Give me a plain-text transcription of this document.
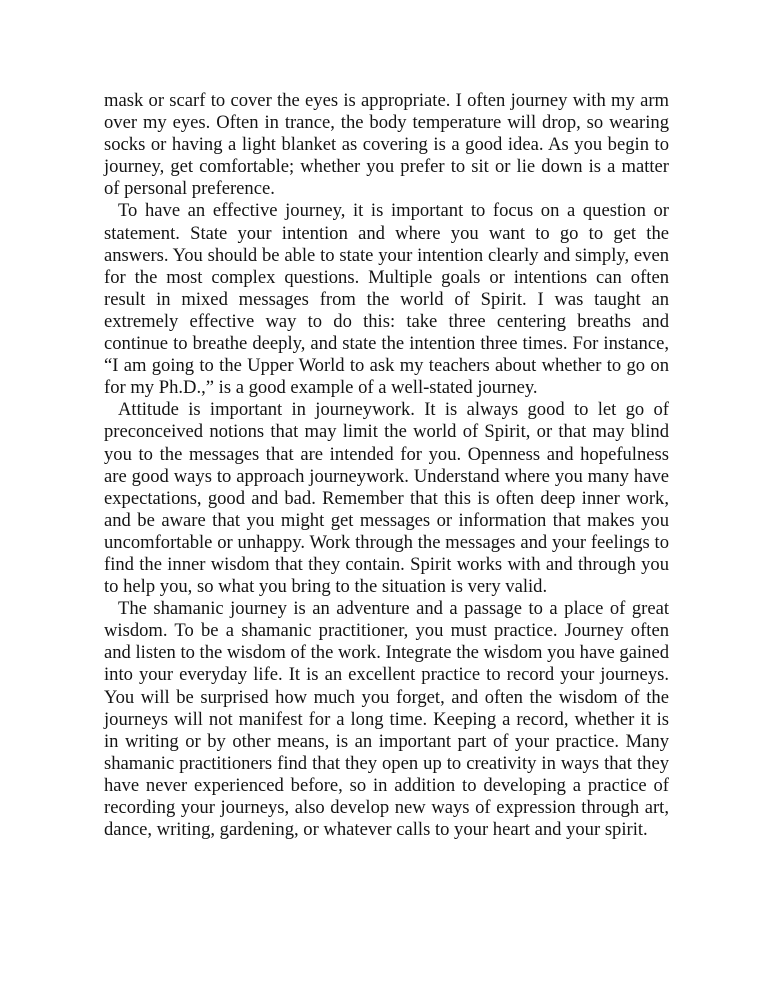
mask or scarf to cover the eyes is appropriate. I often journey with my arm over my eyes. Often in trance, the body temperature will drop, so wearing socks or having a light blanket as covering is a good idea. As you begin to journey, get comfortable; whether you prefer to sit or lie down is a matter of personal preference.

To have an effective journey, it is important to focus on a question or statement. State your intention and where you want to go to get the answers. You should be able to state your intention clearly and simply, even for the most complex questions. Multiple goals or intentions can often result in mixed messages from the world of Spirit. I was taught an extremely effective way to do this: take three centering breaths and continue to breathe deeply, and state the intention three times. For instance, “I am going to the Upper World to ask my teachers about whether to go on for my Ph.D.,” is a good example of a well-stated journey.

Attitude is important in journeywork. It is always good to let go of preconceived notions that may limit the world of Spirit, or that may blind you to the messages that are intended for you. Openness and hopefulness are good ways to approach journeywork. Understand where you many have expectations, good and bad. Remember that this is often deep inner work, and be aware that you might get messages or information that makes you uncomfortable or unhappy. Work through the messages and your feelings to find the inner wisdom that they contain. Spirit works with and through you to help you, so what you bring to the situation is very valid.

The shamanic journey is an adventure and a passage to a place of great wisdom. To be a shamanic practitioner, you must practice. Journey often and listen to the wisdom of the work. Integrate the wisdom you have gained into your everyday life. It is an excellent practice to record your journeys. You will be surprised how much you forget, and often the wisdom of the journeys will not manifest for a long time. Keeping a record, whether it is in writing or by other means, is an important part of your practice. Many shamanic practitioners find that they open up to creativity in ways that they have never experienced before, so in addition to developing a practice of recording your journeys, also develop new ways of expression through art, dance, writing, gardening, or whatever calls to your heart and your spirit.
